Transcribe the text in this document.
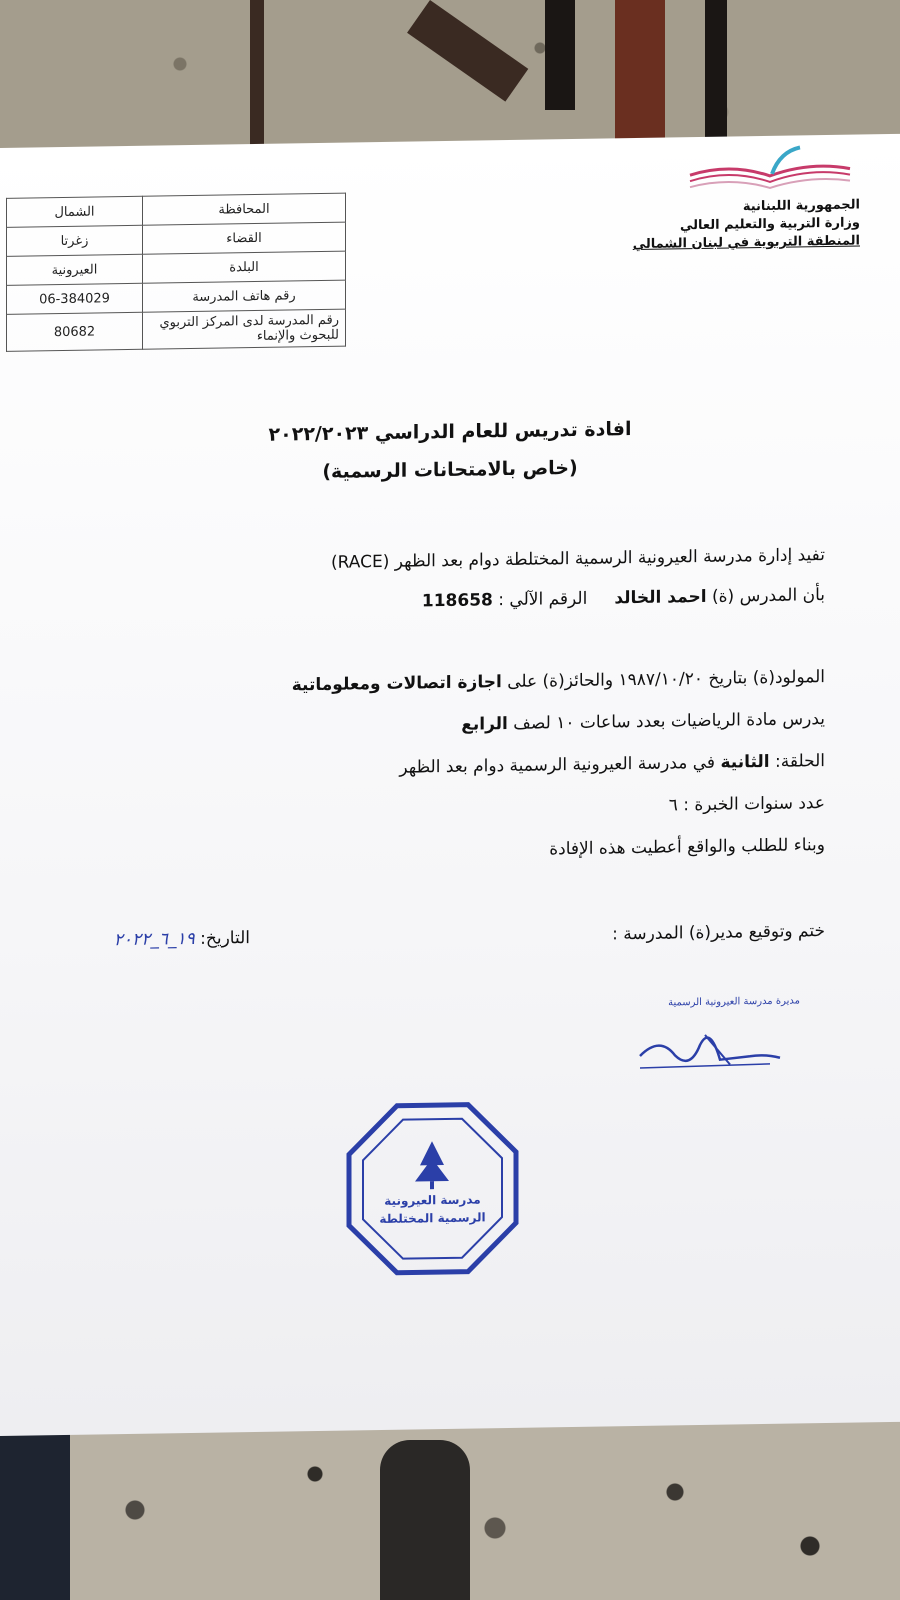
الجمهورية اللبنانية
وزارة التربية والتعليم العالي
المنطقة التربوية في لبنان الشمالي
المحافظة	الشمال
القضاء	زغرتا
البلدة	العيرونية
رقم هاتف المدرسة	06-384029
رقم المدرسة لدى المركز التربوي للبحوث والإنماء	80682
افادة تدريس للعام الدراسي ٢٠٢٢/٢٠٢٣
(خاص بالامتحانات الرسمية)
تفيد إدارة مدرسة العيرونية الرسمية المختلطة دوام بعد الظهر (RACE)
بأن المدرس (ة) احمد الخالد     الرقم الآلي : 118658
المولود(ة) بتاريخ ١٩٨٧/١٠/٢٠ والحائز(ة) على اجازة اتصالات ومعلوماتية
يدرس مادة الرياضيات بعدد ساعات ١٠ لصف الرابع
الحلقة: الثانية في مدرسة العيرونية الرسمية دوام بعد الظهر
عدد سنوات الخبرة : ٦
وبناء للطلب والواقع أعطيت هذه الإفادة
ختم وتوقيع مدير(ة) المدرسة :
التاريخ: ١٩_٦_٢٠٢٢
مديرة مدرسة العيرونية الرسمية
مدرسة العيرونية
الرسمية المختلطة
